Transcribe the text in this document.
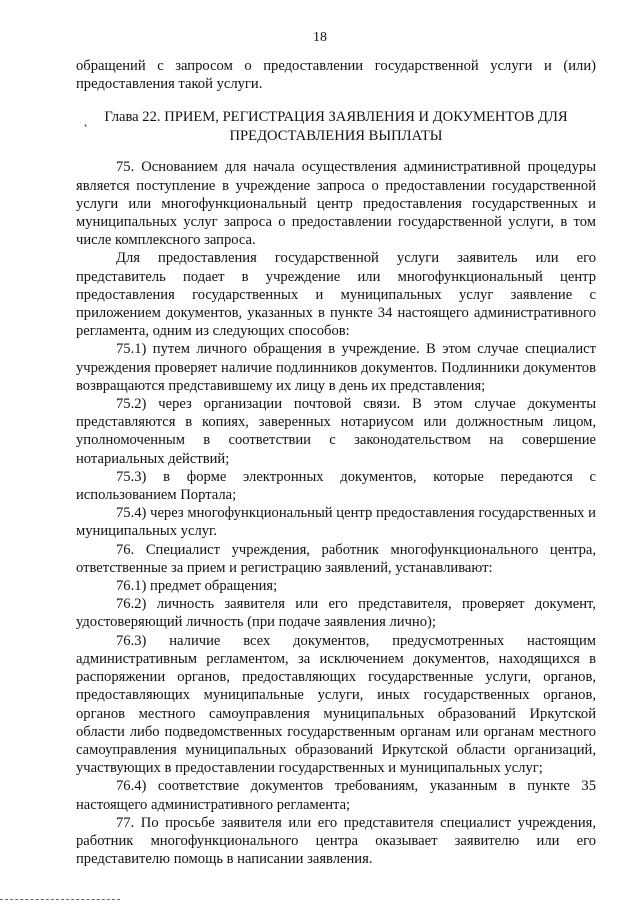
18

обращений с запросом о предоставлении государственной услуги и (или) предоставления такой услуги.

˛ Глава 22. ПРИЕМ, РЕГИСТРАЦИЯ ЗАЯВЛЕНИЯ И ДОКУМЕНТОВ ДЛЯ ПРЕДОСТАВЛЕНИЯ ВЫПЛАТЫ

75. Основанием для начала осуществления административной процедуры является поступление в учреждение запроса о предоставлении государственной услуги или многофункциональный центр предоставления государственных и муниципальных услуг запроса о предоставлении государственной услуги, в том числе комплексного запроса.

Для предоставления государственной услуги заявитель или его представитель подает в учреждение или многофункциональный центр предоставления государственных и муниципальных услуг заявление с приложением документов, указанных в пункте 34 настоящего административного регламента, одним из следующих способов:

75.1) путем личного обращения в учреждение. В этом случае специалист учреждения проверяет наличие подлинников документов. Подлинники документов возвращаются представившему их лицу в день их представления;

75.2) через организации почтовой связи. В этом случае документы представляются в копиях, заверенных нотариусом или должностным лицом, уполномоченным в соответствии с законодательством на совершение нотариальных действий;

75.3) в форме электронных документов, которые передаются с использованием Портала;

75.4) через многофункциональный центр предоставления государственных и муниципальных услуг.

76. Специалист учреждения, работник многофункционального центра, ответственные за прием и регистрацию заявлений, устанавливают:

76.1) предмет обращения;

76.2) личность заявителя или его представителя, проверяет документ, удостоверяющий личность (при подаче заявления лично);

76.3) наличие всех документов, предусмотренных настоящим административным регламентом, за исключением документов, находящихся в распоряжении органов, предоставляющих государственные услуги, органов, предоставляющих муниципальные услуги, иных государственных органов, органов местного самоуправления муниципальных образований Иркутской области либо подведомственных государственным органам или органам местного самоуправления муниципальных образований Иркутской области организаций, участвующих в предоставлении государственных и муниципальных услуг;

76.4) соответствие документов требованиям, указанным в пункте 35 настоящего административного регламента;

77. По просьбе заявителя или его представителя специалист учреждения, работник многофункционального центра оказывает заявителю или его представителю помощь в написании заявления.
